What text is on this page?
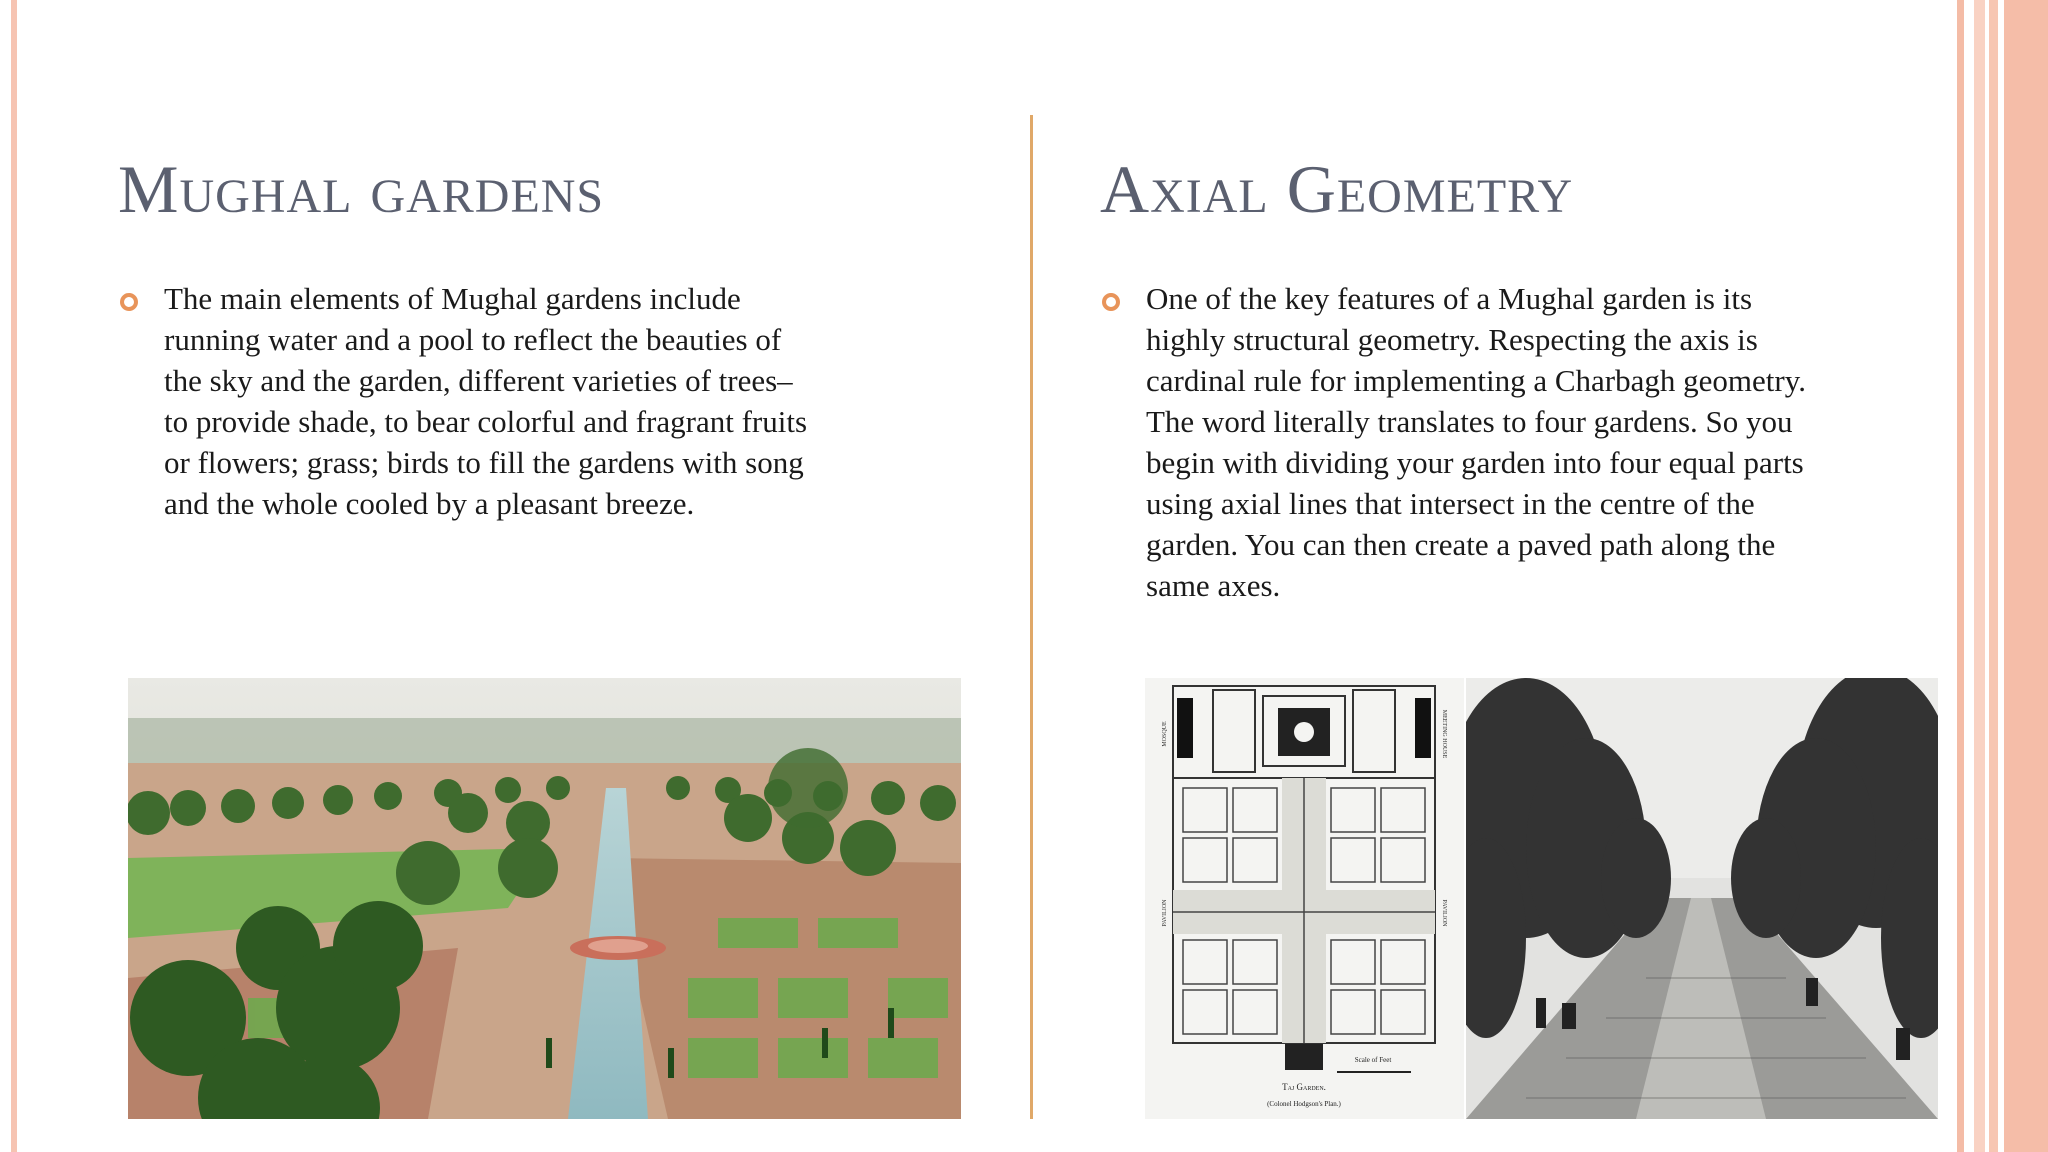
Mughal gardens
The main elements of Mughal gardens include
running water and a pool to reflect the beauties of
the sky and the garden, different varieties of trees–
to provide shade, to bear colorful and fragrant fruits
or flowers; grass; birds to fill the gardens with song
and the whole cooled by a pleasant breeze.
Axial Geometry
One of the key features of a Mughal garden is its
highly structural geometry. Respecting the axis is
cardinal rule for implementing a Charbagh geometry.
The word literally translates to four gardens. So you
begin with dividing your garden into four equal parts
using axial lines that intersect in the centre of the
garden. You can then create a paved path along the
same axes.
MOSQUE	MEETING HOUSE
PAVILION	PAVILION
Scale of Feet
Taj Garden.
(Colonel Hodgson's Plan.)
